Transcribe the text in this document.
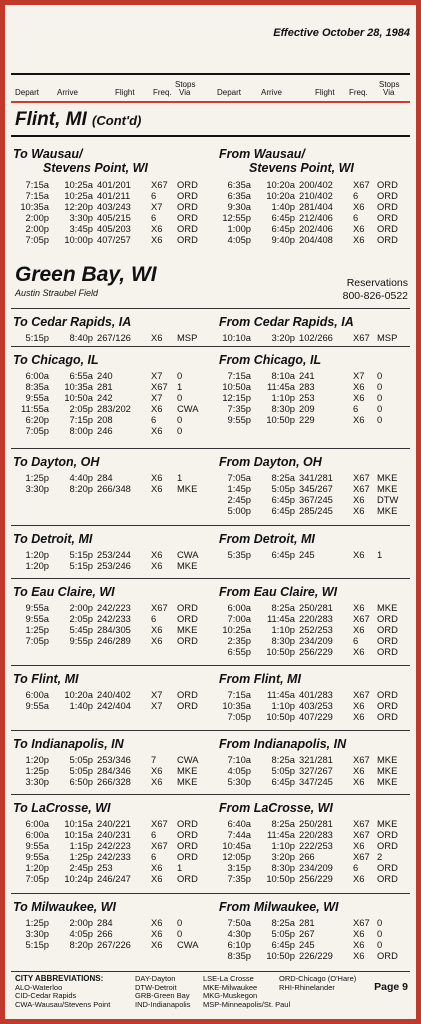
Effective October 28, 1984
Depart Arrive	Flight Freq.
Stops
Via	Depart Arrive	Flight Freq.
Stops
Via
Flint, MI (Cont'd)
Green Bay, WI
Austin Straubel Field
Reservations
800-826-0522
To Wausau/
Stevens Point, WI
7:15a	10:25a 401/201 X67 ORD
7:15a	10:25a 401/211 6 ORD
10:35a	12:20p 403/243 X7 ORD
2:00p	3:30p 405/215 6 ORD
2:00p	3:45p 405/203 X6 ORD
7:05p	10:00p 407/257 X6 ORD
From Wausau/
Stevens Point, WI
6:35a	10:20a 200/402 X67 ORD
6:35a	10:20a 210/402 6 ORD
9:30a	1:40p 281/404 X6 ORD
12:55p	6:45p 212/406 6 ORD
1:00p	6:45p 202/406 X6 ORD
4:05p	9:40p 204/408 X6 ORD
To Cedar Rapids, IA
5:15p	8:40p 267/126 X6 MSP
From Cedar Rapids, IA
10:10a	3:20p 102/266 X67 MSP
To Chicago, IL
6:00a	6:55a 240	X7 0
8:35a	10:35a 281	X67 1
9:55a	10:50a 242	X7 0
11:55a	2:05p 283/202 X6 CWA
6:20p	7:15p 208	6 0
7:05p	8:00p 246	X6 0
From Chicago, IL
7:15a	8:10a 241	X7 0
10:50a	11:45a 283	X6 0
12:15p	1:10p 253	X6 0
7:35p	8:30p 209	6 0
9:55p	10:50p 229	X6 0
To Dayton, OH
1:25p	4:40p 284	X6 1
3:30p	8:20p 266/348 X6 MKE
From Dayton, OH
7:05a	8:25a 341/281 X67 MKE
1:45p	5:05p 345/267 X67 MKE
2:45p	6:45p 367/245 X6 DTW
5:00p	6:45p 285/245 X6 MKE
To Detroit, MI
1:20p	5:15p 253/244 X6 CWA
1:20p	5:15p 253/246 X6 MKE
From Detroit, MI
5:35p	6:45p 245	X6 1
To Eau Claire, WI
9:55a	2:00p 242/223 X67 ORD
9:55a	2:05p 242/233 6 ORD
1:25p	5:45p 284/305 X6 MKE
7:05p	9:55p 246/289 X6 ORD
From Eau Claire, WI
6:00a	8:25a 250/281 X6 MKE
7:00a	11:45a 220/283 X67 ORD
10:25a	1:10p 252/253 X6 ORD
2:35p	8:30p 234/209 6 ORD
6:55p	10:50p 256/229 X6 ORD
To Flint, MI
6:00a	10:20a 240/402 X7 ORD
9:55a	1:40p 242/404 X7 ORD
From Flint, MI
7:15a	11:45a 401/283 X67 ORD
10:35a	1:10p 403/253 X6 ORD
7:05p	10:50p 407/229 X6 ORD
To Indianapolis, IN
1:20p	5:05p 253/346 7 CWA
1:25p	5:05p 284/346 X6 MKE
3:30p	6:50p 266/328 X6 MKE
From Indianapolis, IN
7:10a	8:25a 321/281 X67 MKE
4:05p	5:05p 327/267 X6 MKE
5:30p	6:45p 347/245 X6 MKE
To LaCrosse, WI
6:00a	10:15a 240/221 X67 ORD
6:00a	10:15a 240/231 6 ORD
9:55a	1:15p 242/223 X67 ORD
9:55a	1:25p 242/233 6 ORD
1:20p	2:45p 253	X6 1
7:05p	10:24p 246/247 X6 ORD
From LaCrosse, WI
6:40a	8:25a 250/281 X67 MKE
7:44a	11:45a 220/283 X67 ORD
10:45a	1:10p 222/253 X6 ORD
12:05p	3:20p 266	X67 2
3:15p	8:30p 234/209 6 ORD
7:35p	10:50p 256/229 X6 ORD
To Milwaukee, WI
1:25p	2:00p 284	X6 0
3:30p	4:05p 266	X6 0
5:15p	8:20p 267/226 X6 CWA
From Milwaukee, WI
7:50a	8:25a 281	X67 0
4:30p	5:05p 267	X6 0
6:10p	6:45p 245	X6 0
8:35p	10:50p 226/229 X6 ORD
CITY ABBREVIATIONS:
ALO-Waterloo
CID-Cedar Rapids
CWA-Wausau/Stevens Point
DAY-Dayton
DTW-Detroit
GRB-Green Bay
IND-Indianapolis
LSE-La Crosse
MKE-Milwaukee
MKG-Muskegon
MSP-Minneapolis/St. Paul
ORD-Chicago (O'Hare)
RHI-Rhinelander	Page 9
